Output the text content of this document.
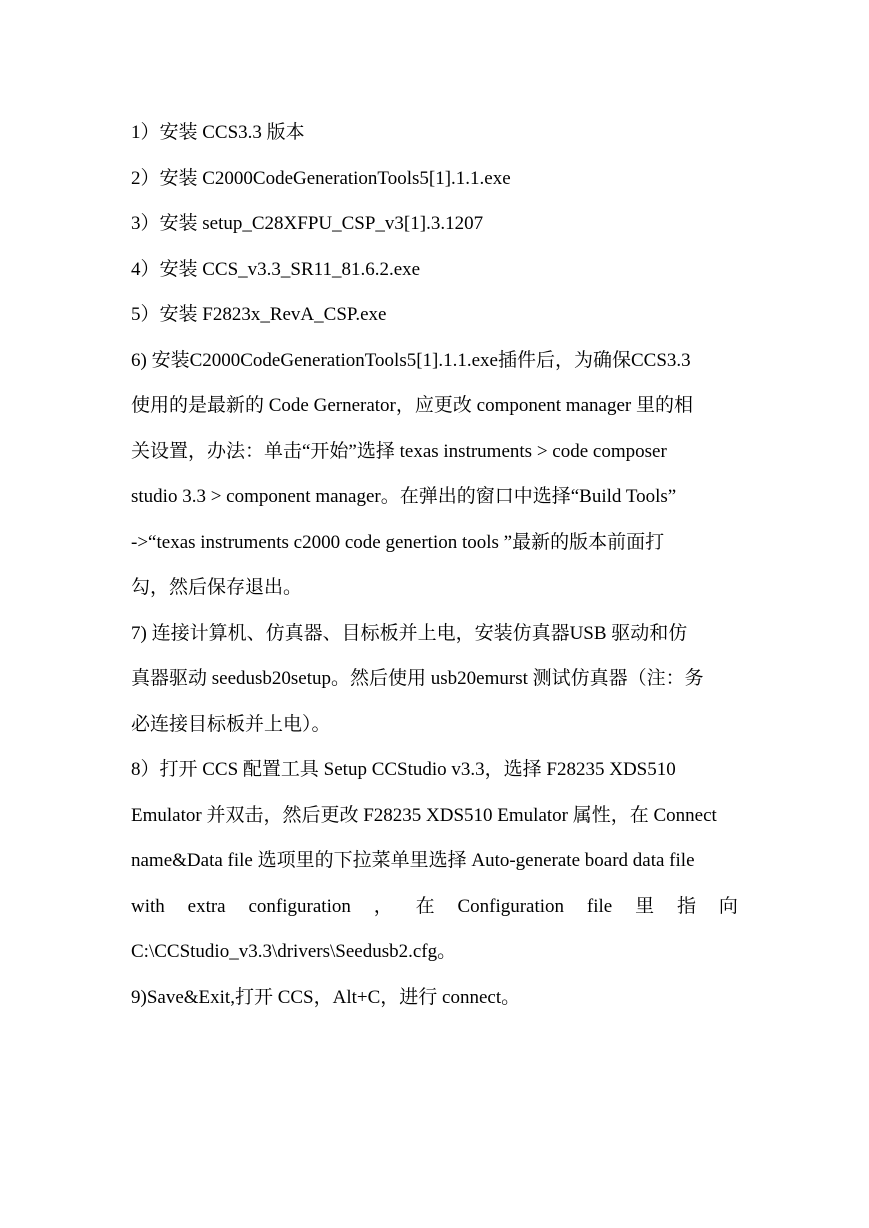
1）安装 CCS3.3 版本
2）安装 C2000CodeGenerationTools5[1].1.1.exe
3）安装 setup_C28XFPU_CSP_v3[1].3.1207
4）安装 CCS_v3.3_SR11_81.6.2.exe
5）安装 F2823x_RevA_CSP.exe
6) 安装C2000CodeGenerationTools5[1].1.1.exe插件后，为确保CCS3.3
使用的是最新的 Code Gernerator，应更改 component manager 里的相
关设置，办法：单击“开始”选择 texas instruments > code composer
studio 3.3 > component manager。在弹出的窗口中选择“Build Tools”
->“texas instruments c2000 code genertion tools ”最新的版本前面打
勾，然后保存退出。
7) 连接计算机、仿真器、目标板并上电，安装仿真器USB 驱动和仿
真器驱动 seedusb20setup。然后使用 usb20emurst 测试仿真器（注：务
必连接目标板并上电）。
8）打开 CCS 配置工具 Setup CCStudio v3.3，选择 F28235 XDS510
Emulator 并双击，然后更改 F28235 XDS510 Emulator 属性，在 Connect
name&Data file 选项里的下拉菜单里选择 Auto-generate board data file
with extra configuration ， 在 Configuration file 里 指 向
C:\CCStudio_v3.3\drivers\Seedusb2.cfg。
9)Save&Exit,打开 CCS，Alt+C，进行 connect。
